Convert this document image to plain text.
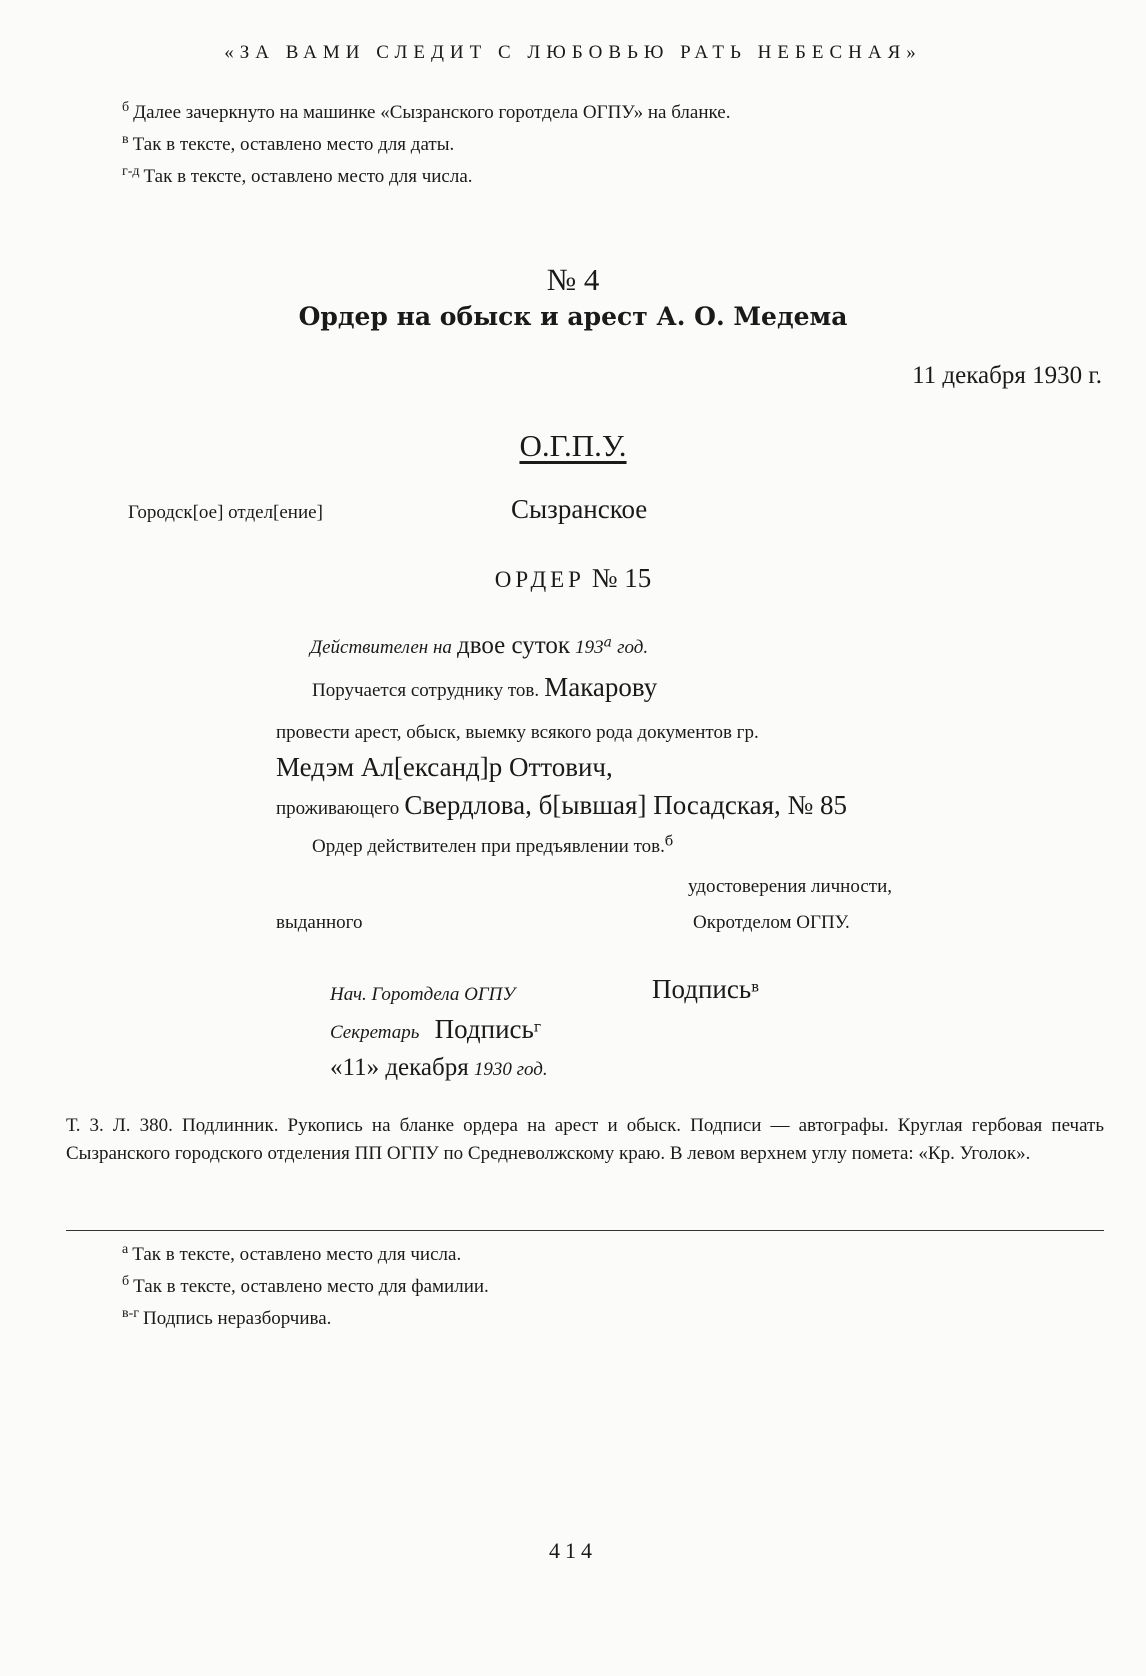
«ЗА ВАМИ СЛЕДИТ С ЛЮБОВЬЮ РАТЬ НЕБЕСНАЯ»
$^б$ Далее зачеркнуто на машинке «Сызранского горотдела ОГПУ» на бланке.
$^в$ Так в тексте, оставлено место для даты.
$^{г-д}$ Так в тексте, оставлено место для числа.
№ 4
Ордер на обыск и арест А. О. Медема
11 декабря 1930 г.
О.Г.П.У.
Городск[ое] отдел[ение]	Сызранское
ОРДЕР № 15
Действителен на двое суток 193а год.
Поручается сотруднику тов. Макарову
провести арест, обыск, выемку всякого рода документов гр.
Медэм Ал[ександ]р Оттович,
проживающего Свердлова, б[ывшая] Посадская, № 85
Ордер действителен при предъявлении тов.б
удостоверения личности,
выданного	Окротделом ОГПУ.
Нач. Горотдела ОГПУ	Подписьв
Секретарь Подписьг
«11» декабря 1930 год.
Т. 3. Л. 380. Подлинник. Рукопись на бланке ордера на арест и обыск. Подписи — автографы. Круглая гербовая печать Сызранского городского отделения ПП ОГПУ по Средневолжскому краю. В левом верхнем углу помета: «Кр. Уголок».
$^а$ Так в тексте, оставлено место для числа.
$^б$ Так в тексте, оставлено место для фамилии.
$^{в-г}$ Подпись неразборчива.
414
